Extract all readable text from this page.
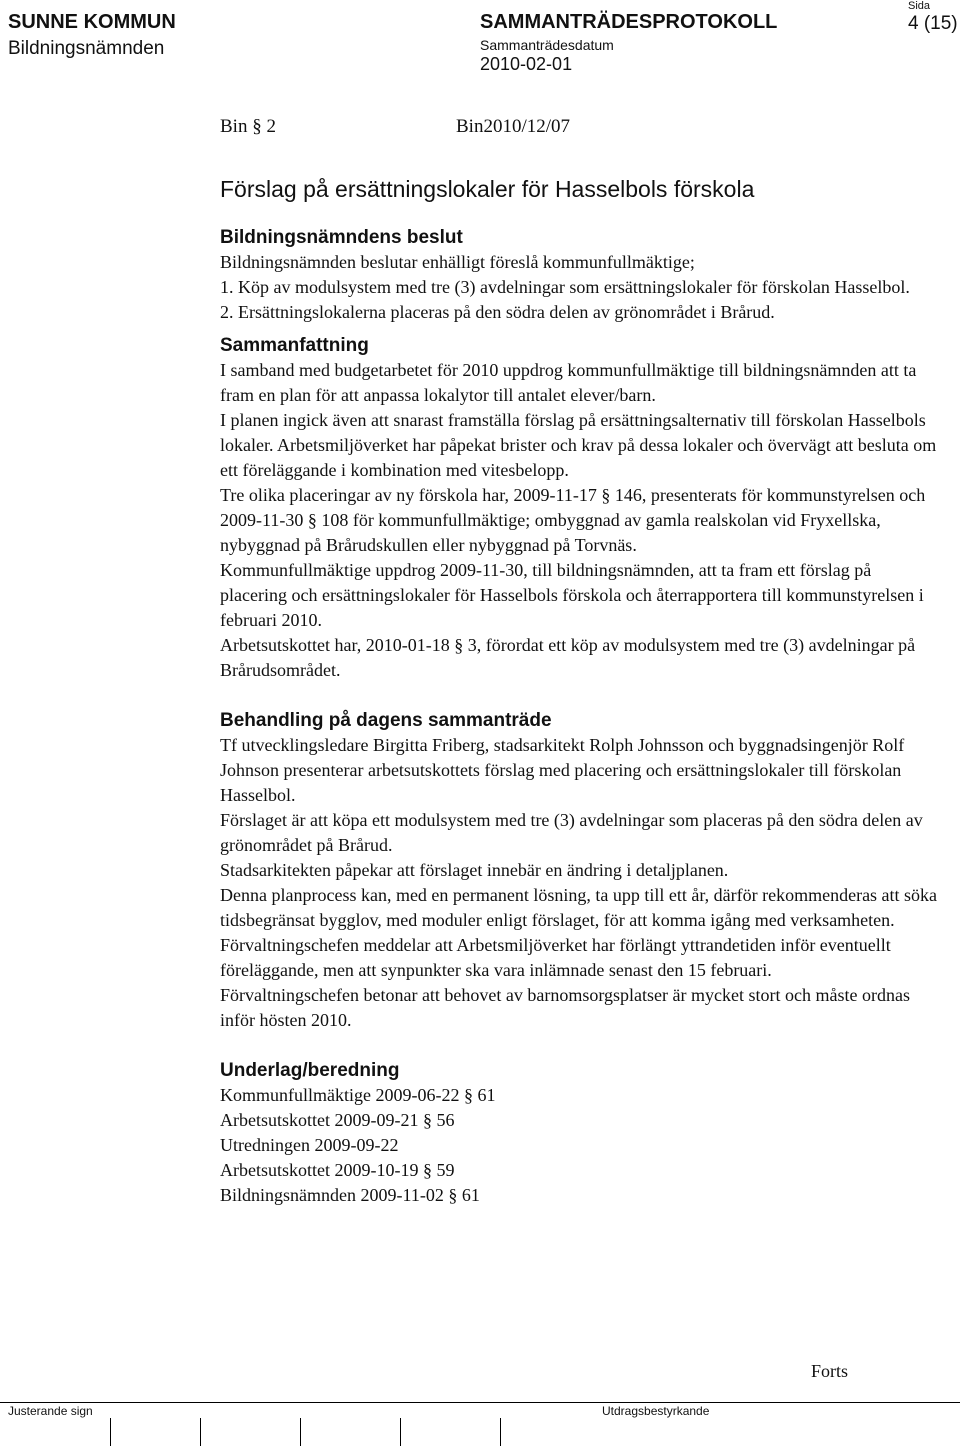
SUNNE KOMMUN
Bildningsnämnden
SAMMANTRÄDESPROTOKOLL
Sammanträdesdatum
2010-02-01
Sida
4 (15)
Bin § 2	Bin2010/12/07
Förslag på ersättningslokaler för Hasselbols förskola
Bildningsnämndens beslut

Bildningsnämnden beslutar enhälligt föreslå kommunfullmäktige;

1. Köp av modulsystem med tre (3) avdelningar som ersättningslokaler för förskolan Hasselbol.

2. Ersättningslokalerna placeras på den södra delen av grönområdet i Brårud.

Sammanfattning

I samband med budgetarbetet för 2010 uppdrog kommunfullmäktige till bildningsnämnden att ta fram en plan för att anpassa lokalytor till antalet elever/barn.

I planen ingick även att snarast framställa förslag på ersättningsalternativ till förskolan Hasselbols lokaler. Arbetsmiljöverket har påpekat brister och krav på dessa lokaler och övervägt att besluta om ett föreläggande i kombination med vitesbelopp.

Tre olika placeringar av ny förskola har, 2009-11-17 § 146, presenterats för kommunstyrelsen och 2009-11-30 § 108 för kommunfullmäktige; ombyggnad av gamla realskolan vid Fryxellska, nybyggnad på Brårudskullen eller nybyggnad på Torvnäs.

Kommunfullmäktige uppdrog 2009-11-30, till bildningsnämnden, att ta fram ett förslag på placering och ersättningslokaler för Hasselbols förskola och återrapportera till kommunstyrelsen i februari 2010.

Arbetsutskottet har, 2010-01-18 § 3, förordat ett köp av modulsystem med tre (3) avdelningar på Brårudsområdet.

Behandling på dagens sammanträde

Tf utvecklingsledare Birgitta Friberg, stadsarkitekt Rolph Johnsson och byggnadsingenjör Rolf Johnson presenterar arbetsutskottets förslag med placering och ersättningslokaler till förskolan Hasselbol.

Förslaget är att köpa ett modulsystem med tre (3) avdelningar som placeras på den södra delen av grönområdet på Brårud.

Stadsarkitekten påpekar att förslaget innebär en ändring i detaljplanen.

Denna planprocess kan, med en permanent lösning, ta upp till ett år, därför rekommenderas att söka tidsbegränsat bygglov, med moduler enligt förslaget, för att komma igång med verksamheten.

Förvaltningschefen meddelar att Arbetsmiljöverket har förlängt yttrandetiden inför eventuellt föreläggande, men att synpunkter ska vara inlämnade senast den 15 februari.

Förvaltningschefen betonar att behovet av barnomsorgsplatser är mycket stort och måste ordnas inför hösten 2010.

Underlag/beredning

Kommunfullmäktige 2009-06-22 § 61

Arbetsutskottet 2009-09-21 § 56

Utredningen 2009-09-22

Arbetsutskottet 2009-10-19 § 59

Bildningsnämnden 2009-11-02 § 61

Forts
Justerande sign	Utdragsbestyrkande
